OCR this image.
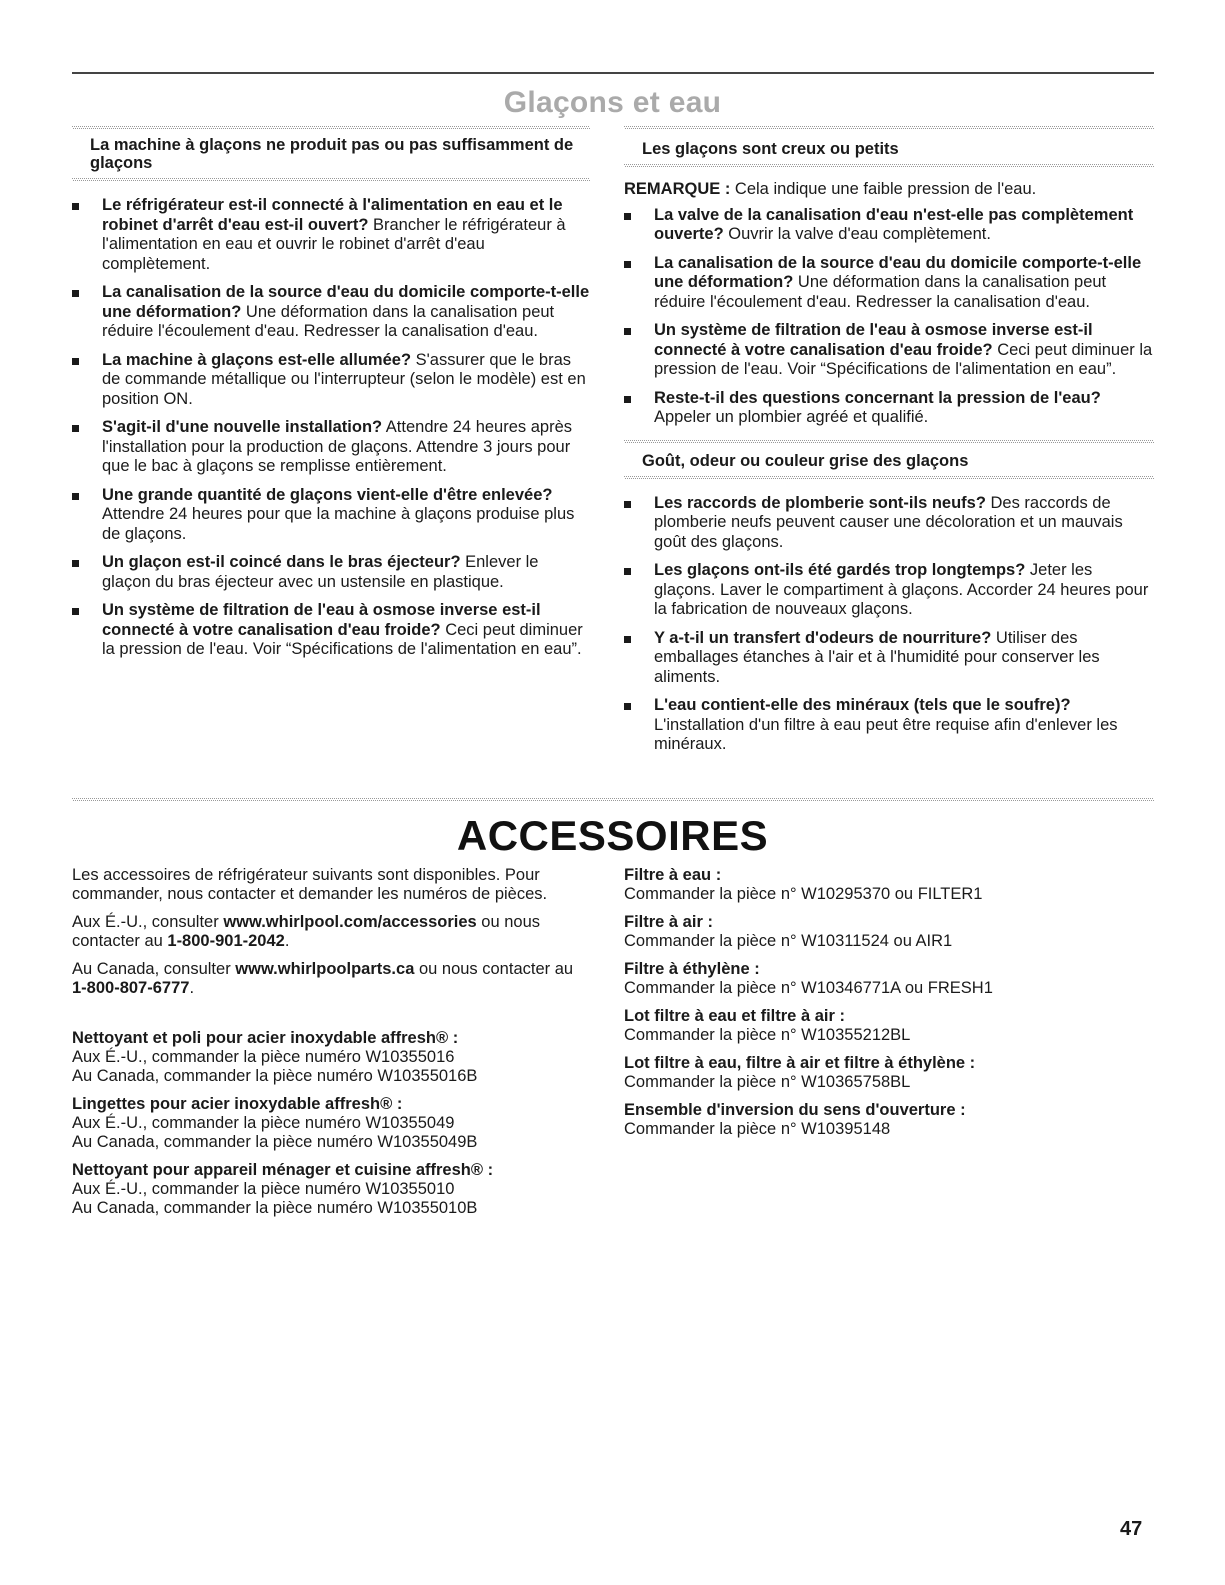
Glaçons et eau
La machine à glaçons ne produit pas ou pas suffisamment de glaçons
Le réfrigérateur est-il connecté à l'alimentation en eau et le robinet d'arrêt d'eau est-il ouvert? Brancher le réfrigérateur à l'alimentation en eau et ouvrir le robinet d'arrêt d'eau complètement.
La canalisation de la source d'eau du domicile comporte-t-elle une déformation? Une déformation dans la canalisation peut réduire l'écoulement d'eau. Redresser la canalisation d'eau.
La machine à glaçons est-elle allumée? S'assurer que le bras de commande métallique ou l'interrupteur (selon le modèle) est en position ON.
S'agit-il d'une nouvelle installation? Attendre 24 heures après l'installation pour la production de glaçons. Attendre 3 jours pour que le bac à glaçons se remplisse entièrement.
Une grande quantité de glaçons vient-elle d'être enlevée? Attendre 24 heures pour que la machine à glaçons produise plus de glaçons.
Un glaçon est-il coincé dans le bras éjecteur? Enlever le glaçon du bras éjecteur avec un ustensile en plastique.
Un système de filtration de l'eau à osmose inverse est-il connecté à votre canalisation d'eau froide? Ceci peut diminuer la pression de l'eau. Voir “Spécifications de l'alimentation en eau”.
Les glaçons sont creux ou petits

REMARQUE : Cela indique une faible pression de l'eau.

La valve de la canalisation d'eau n'est-elle pas complètement ouverte? Ouvrir la valve d'eau complètement.
La canalisation de la source d'eau du domicile comporte-t-elle une déformation? Une déformation dans la canalisation peut réduire l'écoulement d'eau. Redresser la canalisation d'eau.
Un système de filtration de l'eau à osmose inverse est-il connecté à votre canalisation d'eau froide? Ceci peut diminuer la pression de l'eau. Voir “Spécifications de l'alimentation en eau”.
Reste-t-il des questions concernant la pression de l'eau? Appeler un plombier agréé et qualifié.
Goût, odeur ou couleur grise des glaçons
Les raccords de plomberie sont-ils neufs? Des raccords de plomberie neufs peuvent causer une décoloration et un mauvais goût des glaçons.
Les glaçons ont-ils été gardés trop longtemps? Jeter les glaçons. Laver le compartiment à glaçons. Accorder 24 heures pour la fabrication de nouveaux glaçons.
Y a-t-il un transfert d'odeurs de nourriture? Utiliser des emballages étanches à l'air et à l'humidité pour conserver les aliments.
L'eau contient-elle des minéraux (tels que le soufre)? L'installation d'un filtre à eau peut être requise afin d'enlever les minéraux.
ACCESSOIRES

Les accessoires de réfrigérateur suivants sont disponibles. Pour commander, nous contacter et demander les numéros de pièces.

Aux É.-U., consulter www.whirlpool.com/accessories ou nous contacter au 1-800-901-2042.

Au Canada, consulter www.whirlpoolparts.ca ou nous contacter au 1-800-807-6777.

Nettoyant et poli pour acier inoxydable affresh® :
Aux É.-U., commander la pièce numéro W10355016
Au Canada, commander la pièce numéro W10355016B
Lingettes pour acier inoxydable affresh® :
Aux É.-U., commander la pièce numéro W10355049
Au Canada, commander la pièce numéro W10355049B
Nettoyant pour appareil ménager et cuisine affresh® :
Aux É.-U., commander la pièce numéro W10355010
Au Canada, commander la pièce numéro W10355010B
Filtre à eau :
Commander la pièce n° W10295370 ou FILTER1
Filtre à air :
Commander la pièce n° W10311524 ou AIR1
Filtre à éthylène :
Commander la pièce n° W10346771A ou FRESH1
Lot filtre à eau et filtre à air :
Commander la pièce n° W10355212BL
Lot filtre à eau, filtre à air et filtre à éthylène :
Commander la pièce n° W10365758BL
Ensemble d'inversion du sens d'ouverture :
Commander la pièce n° W10395148
47
